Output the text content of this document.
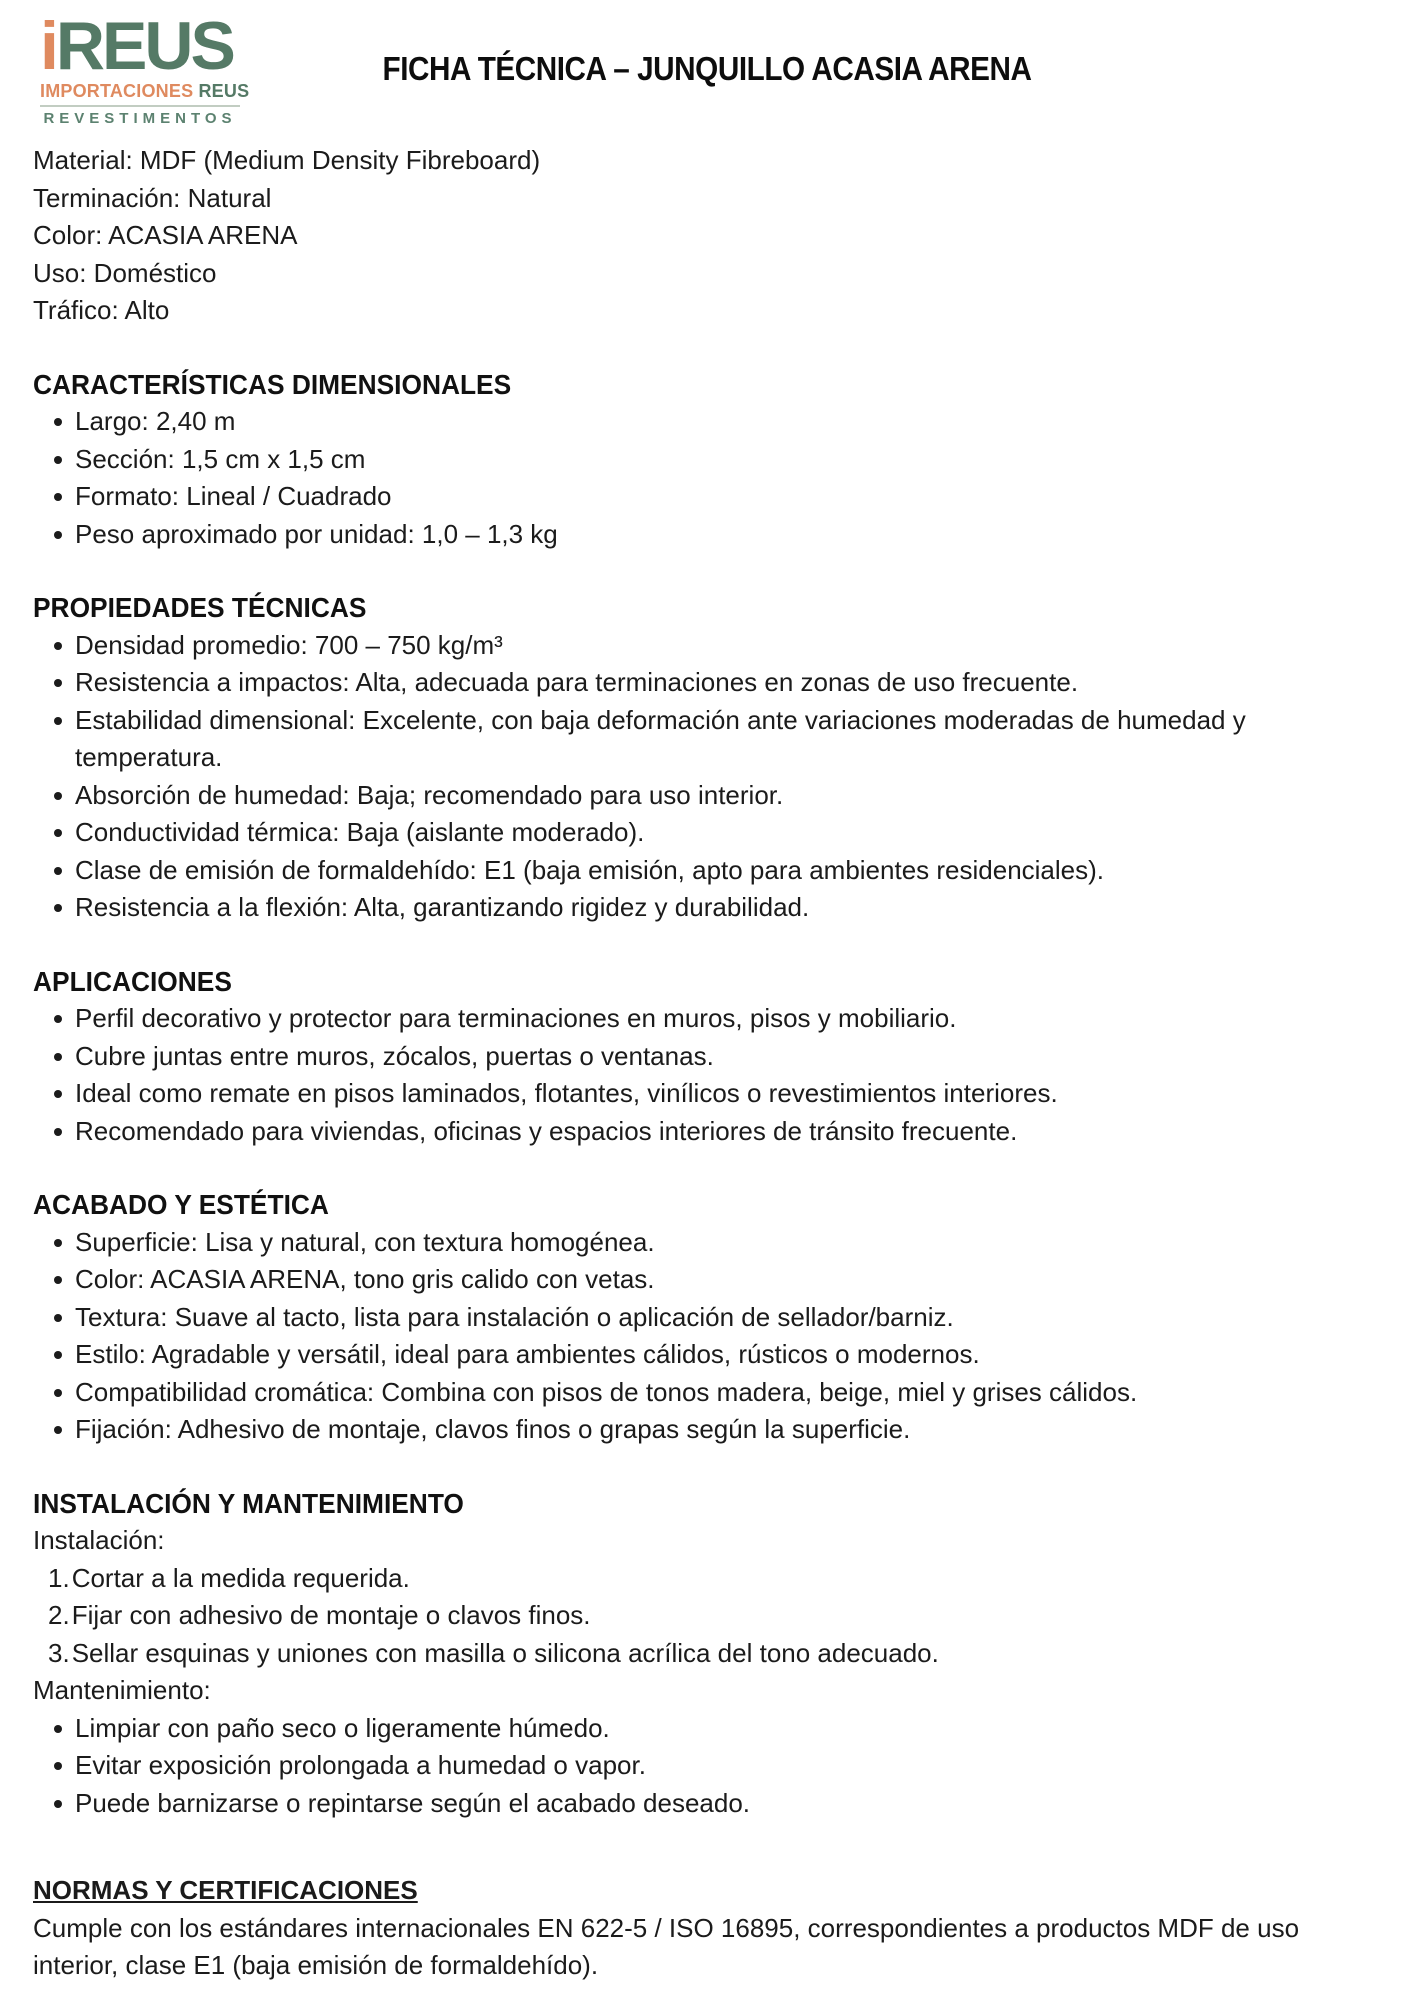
iREUS
IMPORTACIONES REUS
REVESTIMENTOS
FICHA TÉCNICA – JUNQUILLO ACASIA ARENA

Material: MDF (Medium Density Fibreboard)

Terminación: Natural

Color: ACASIA ARENA

Uso: Doméstico

Tráfico: Alto

CARACTERÍSTICAS DIMENSIONALES
Largo: 2,40 m
Sección: 1,5 cm x 1,5 cm
Formato: Lineal / Cuadrado
Peso aproximado por unidad: 1,0 – 1,3 kg
PROPIEDADES TÉCNICAS
Densidad promedio: 700 – 750 kg/m³
Resistencia a impactos: Alta, adecuada para terminaciones en zonas de uso frecuente.
Estabilidad dimensional: Excelente, con baja deformación ante variaciones moderadas de humedad y temperatura.
Absorción de humedad: Baja; recomendado para uso interior.
Conductividad térmica: Baja (aislante moderado).
Clase de emisión de formaldehído: E1 (baja emisión, apto para ambientes residenciales).
Resistencia a la flexión: Alta, garantizando rigidez y durabilidad.
APLICACIONES
Perfil decorativo y protector para terminaciones en muros, pisos y mobiliario.
Cubre juntas entre muros, zócalos, puertas o ventanas.
Ideal como remate en pisos laminados, flotantes, vinílicos o revestimientos interiores.
Recomendado para viviendas, oficinas y espacios interiores de tránsito frecuente.
ACABADO Y ESTÉTICA
Superficie: Lisa y natural, con textura homogénea.
Color: ACASIA ARENA, tono gris calido con vetas.
Textura: Suave al tacto, lista para instalación o aplicación de sellador/barniz.
Estilo: Agradable y versátil, ideal para ambientes cálidos, rústicos o modernos.
Compatibilidad cromática: Combina con pisos de tonos madera, beige, miel y grises cálidos.
Fijación: Adhesivo de montaje, clavos finos o grapas según la superficie.
INSTALACIÓN Y MANTENIMIENTO

Instalación:

1.Cortar a la medida requerida.
2.Fijar con adhesivo de montaje o clavos finos.
3.Sellar esquinas y uniones con masilla o silicona acrílica del tono adecuado.

Mantenimiento:

Limpiar con paño seco o ligeramente húmedo.
Evitar exposición prolongada a humedad o vapor.
Puede barnizarse o repintarse según el acabado deseado.
NORMAS Y CERTIFICACIONES

Cumple con los estándares internacionales EN 622-5 / ISO 16895, correspondientes a productos MDF de uso interior, clase E1 (baja emisión de formaldehído).
